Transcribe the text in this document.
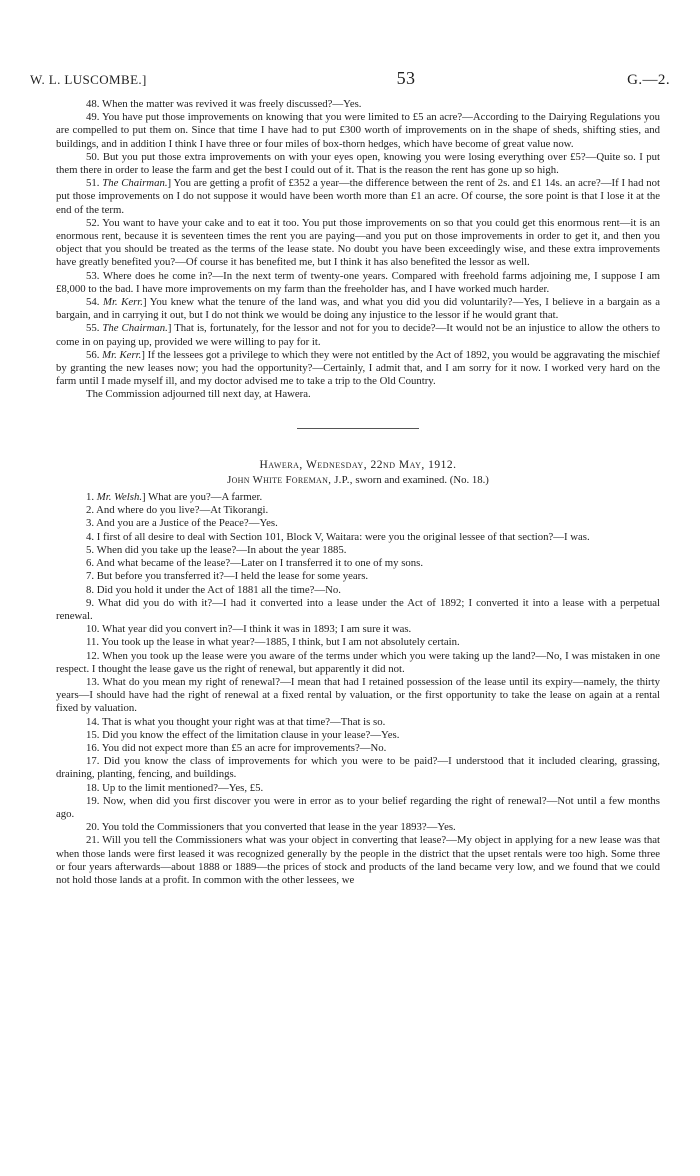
W. L. LUSCOMBE.]	53	G.—2.

48. When the matter was revived it was freely discussed?—Yes.

49. You have put those improvements on knowing that you were limited to £5 an acre?—According to the Dairying Regulations you are compelled to put them on. Since that time I have had to put £300 worth of improvements on in the shape of sheds, shifting sties, and buildings, and in addition I think I have three or four miles of box-thorn hedges, which have become of great value now.

50. But you put those extra improvements on with your eyes open, knowing you were losing everything over £5?—Quite so. I put them there in order to lease the farm and get the best I could out of it. That is the reason the rent has gone up so high.

51. The Chairman.] You are getting a profit of £352 a year—the difference between the rent of 2s. and £1 14s. an acre?—If I had not put those improvements on I do not suppose it would have been worth more than £1 an acre. Of course, the sore point is that I lose it at the end of the term.

52. You want to have your cake and to eat it too. You put those improvements on so that you could get this enormous rent—it is an enormous rent, because it is seventeen times the rent you are paying—and you put on those improvements in order to get it, and then you object that you should be treated as the terms of the lease state. No doubt you have been exceedingly wise, and these extra improvements have greatly benefited you?—Of course it has benefited me, but I think it has also benefited the lessor as well.

53. Where does he come in?—In the next term of twenty-one years. Compared with freehold farms adjoining me, I suppose I am £8,000 to the bad. I have more improvements on my farm than the freeholder has, and I have worked much harder.

54. Mr. Kerr.] You knew what the tenure of the land was, and what you did you did voluntarily?—Yes, I believe in a bargain as a bargain, and in carrying it out, but I do not think we would be doing any injustice to the lessor if he would grant that.

55. The Chairman.] That is, fortunately, for the lessor and not for you to decide?—It would not be an injustice to allow the others to come in on paying up, provided we were willing to pay for it.

56. Mr. Kerr.] If the lessees got a privilege to which they were not entitled by the Act of 1892, you would be aggravating the mischief by granting the new leases now; you had the opportunity?—Certainly, I admit that, and I am sorry for it now. I worked very hard on the farm until I made myself ill, and my doctor advised me to take a trip to the Old Country.

The Commission adjourned till next day, at Hawera.

Hawera, Wednesday, 22nd May, 1912.

John White Foreman, J.P., sworn and examined. (No. 18.)

1. Mr. Welsh.] What are you?—A farmer.

2. And where do you live?—At Tikorangi.

3. And you are a Justice of the Peace?—Yes.

4. I first of all desire to deal with Section 101, Block V, Waitara: were you the original lessee of that section?—I was.

5. When did you take up the lease?—In about the year 1885.

6. And what became of the lease?—Later on I transferred it to one of my sons.

7. But before you transferred it?—I held the lease for some years.

8. Did you hold it under the Act of 1881 all the time?—No.

9. What did you do with it?—I had it converted into a lease under the Act of 1892; I converted it into a lease with a perpetual renewal.

10. What year did you convert in?—I think it was in 1893; I am sure it was.

11. You took up the lease in what year?—1885, I think, but I am not absolutely certain.

12. When you took up the lease were you aware of the terms under which you were taking up the land?—No, I was mistaken in one respect. I thought the lease gave us the right of renewal, but apparently it did not.

13. What do you mean my right of renewal?—I mean that had I retained possession of the lease until its expiry—namely, the thirty years—I should have had the right of renewal at a fixed rental by valuation, or the first opportunity to take the lease on again at a rental fixed by valuation.

14. That is what you thought your right was at that time?—That is so.

15. Did you know the effect of the limitation clause in your lease?—Yes.

16. You did not expect more than £5 an acre for improvements?—No.

17. Did you know the class of improvements for which you were to be paid?—I understood that it included clearing, grassing, draining, planting, fencing, and buildings.

18. Up to the limit mentioned?—Yes, £5.

19. Now, when did you first discover you were in error as to your belief regarding the right of renewal?—Not until a few months ago.

20. You told the Commissioners that you converted that lease in the year 1893?—Yes.

21. Will you tell the Commissioners what was your object in converting that lease?—My object in applying for a new lease was that when those lands were first leased it was recognized generally by the people in the district that the upset rentals were too high. Some three or four years afterwards—about 1888 or 1889—the prices of stock and products of the land became very low, and we found that we could not hold those lands at a profit. In common with the other lessees, we
